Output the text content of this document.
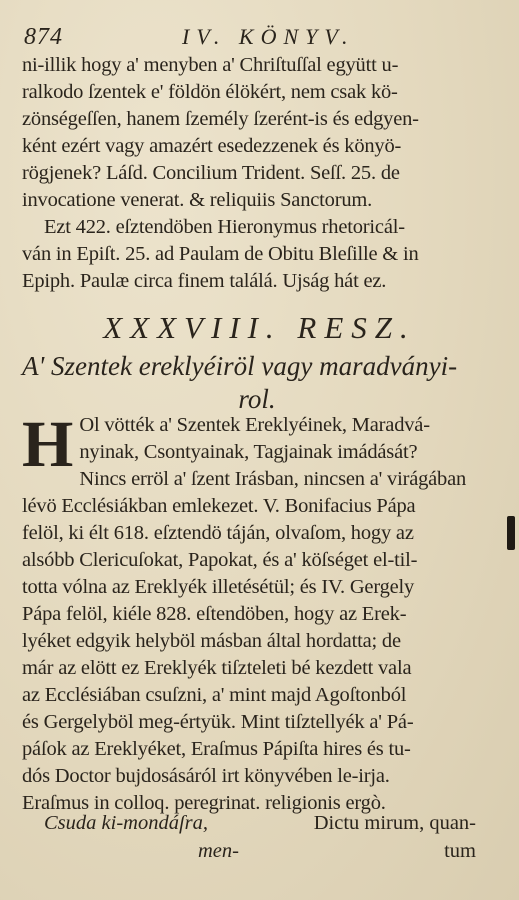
874	IV. KÖNYV.
ni-illik hogy a' menyben a' Chriſtuſſal együtt u-
ralkodo ſzentek e' földön élökért, nem csak kö-
zönségeſſen, hanem ſzemély ſzerént-is és edgyen-
ként ezért vagy amazért esedezzenek és könyö-
rögjenek? Láſd. Concilium Trident. Seſſ. 25. de
invocatione venerat. & reliquiis Sanctorum.
Ezt 422. eſztendöben Hieronymus rhetoricál-
ván in Epiſt. 25. ad Paulam de Obitu Bleſille & in
Epiph. Paulæ circa finem találá. Ujság hát ez.
XXXVIII. RESZ.
A' Szentek ereklyéiröl vagy maradványi-
rol.
H Ol vötték a' Szentek Ereklyéinek, Maradvá-
nyinak, Csontyainak, Tagjainak imádását?
Nincs erröl a' ſzent Irásban, nincsen a' virágában
lévö Ecclésiákban emlekezet. V. Bonifacius Pápa
felöl, ki élt 618. eſztendö táján, olvaſom, hogy az
alsóbb Clericuſokat, Papokat, és a' köſséget el-til-
totta vólna az Ereklyék illetésétül; és IV. Gergely
Pápa felöl, kiéle 828. eſtendöben, hogy az Erek-
lyéket edgyik helyböl másban által hordatta; de
már az elött ez Ereklyék tiſzteleti bé kezdett vala
az Ecclésiában csuſzni, a' mint majd Agoſtonból
és Gergelyböl meg-értyük. Mint tiſztellyék a' Pá-
páſok az Ereklyéket, Eraſmus Pápiſta hires és tu-
dós Doctor bujdosásáról irt könyvében le-irja.
Eraſmus in colloq. peregrinat. religionis ergò.
Csuda ki-mondáſra,	Dictu mirum, quan-
men-	tum
